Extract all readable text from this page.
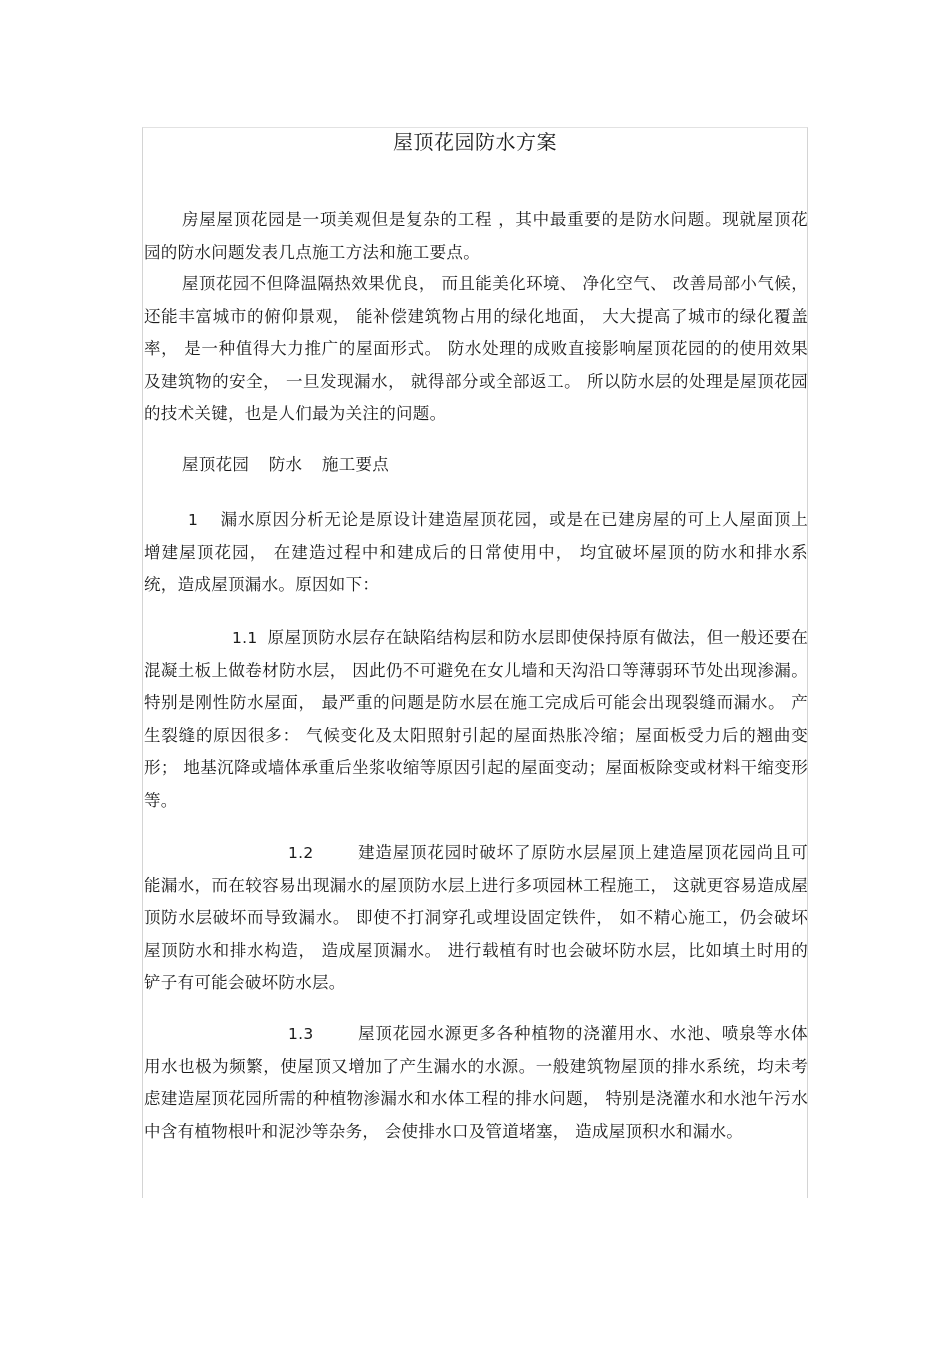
屋顶花园防水方案

房屋屋顶花园是一项美观但是复杂的工程 ，其中最重要的是防水问题。现就屋顶花园的防水问题发表几点施工方法和施工要点。

屋顶花园不但降温隔热效果优良， 而且能美化环境、 净化空气、 改善局部小气候，还能丰富城市的俯仰景观， 能补偿建筑物占用的绿化地面， 大大提高了城市的绿化覆盖率， 是一种值得大力推广的屋面形式。 防水处理的成败直接影响屋顶花园的的使用效果及建筑物的安全， 一旦发现漏水， 就得部分或全部返工。 所以防水层的处理是屋顶花园的技术关键，也是人们最为关注的问题。

屋顶花园 防水 施工要点

1 漏水原因分析无论是原设计建造屋顶花园，或是在已建房屋的可上人屋面顶上增建屋顶花园， 在建造过程中和建成后的日常使用中， 均宜破坏屋顶的防水和排水系统，造成屋顶漏水。原因如下：

1.1 原屋顶防水层存在缺陷结构层和防水层即使保持原有做法，但一般还要在混凝土板上做卷材防水层， 因此仍不可避免在女儿墙和天沟沿口等薄弱环节处出现渗漏。 特别是刚性防水屋面， 最严重的问题是防水层在施工完成后可能会出现裂缝而漏水。 产生裂缝的原因很多： 气候变化及太阳照射引起的屋面热胀冷缩；屋面板受力后的翘曲变形； 地基沉降或墙体承重后坐浆收缩等原因引起的屋面变动；屋面板除变或材料干缩变形等。

1.2	建造屋顶花园时破坏了原防水层屋顶上建造屋顶花园尚且可能漏水，而在较容易出现漏水的屋顶防水层上进行多项园林工程施工， 这就更容易造成屋顶防水层破坏而导致漏水。 即使不打洞穿孔或埋设固定铁件， 如不精心施工，仍会破坏屋顶防水和排水构造， 造成屋顶漏水。 进行载植有时也会破坏防水层，比如填土时用的铲子有可能会破坏防水层。

1.3	屋顶花园水源更多各种植物的浇灌用水、水池、喷泉等水体用水也极为频繁，使屋顶又增加了产生漏水的水源。一般建筑物屋顶的排水系统，均未考虑建造屋顶花园所需的种植物渗漏水和水体工程的排水问题， 特别是浇灌水和水池午污水中含有植物根叶和泥沙等杂务， 会使排水口及管道堵塞， 造成屋顶积水和漏水。
